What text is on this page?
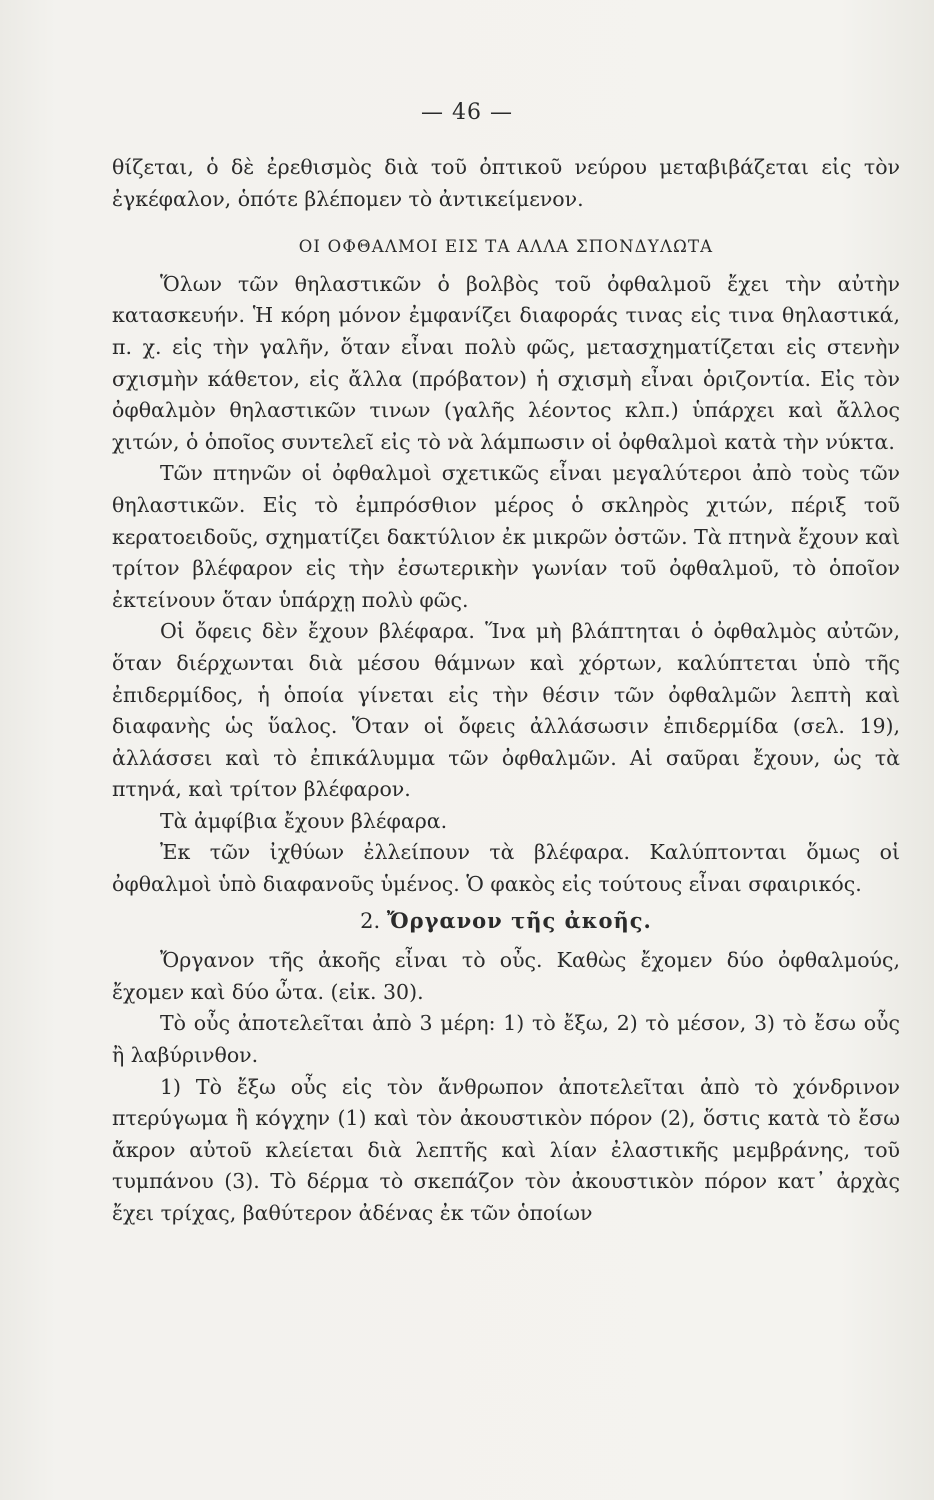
— 46 —

θίζεται, ὁ δὲ ἐρεθισμὸς διὰ τοῦ ὀπτικοῦ νεύρου μεταβιβάζεται εἰς τὸν ἐγκέφαλον, ὁπότε βλέπομεν τὸ ἀντικείμενον.

ΟΙ ΟΦΘΑΛΜΟΙ ΕΙΣ ΤΑ ΑΛΛΑ ΣΠΟΝΔΥΛΩΤΑ

Ὅλων τῶν θηλαστικῶν ὁ βολβὸς τοῦ ὀφθαλμοῦ ἔχει τὴν αὐτὴν κατασκευήν. Ἡ κόρη μόνον ἐμφανίζει διαφοράς τινας εἰς τινα θηλαστικά, π. χ. εἰς τὴν γαλῆν, ὅταν εἶναι πολὺ φῶς, μετασχηματίζεται εἰς στενὴν σχισμὴν κάθετον, εἰς ἄλλα (πρόβατον) ἡ σχισμὴ εἶναι ὁριζοντία. Εἰς τὸν ὀφθαλμὸν θηλαστικῶν τινων (γαλῆς λέοντος κλπ.) ὑπάρχει καὶ ἄλλος χιτών, ὁ ὁποῖος συντελεῖ εἰς τὸ νὰ λάμπωσιν οἱ ὀφθαλμοὶ κατὰ τὴν νύκτα.

Τῶν πτηνῶν οἱ ὀφθαλμοὶ σχετικῶς εἶναι μεγαλύτεροι ἀπὸ τοὺς τῶν θηλαστικῶν. Εἰς τὸ ἐμπρόσθιον μέρος ὁ σκληρὸς χιτών, πέριξ τοῦ κερατοειδοῦς, σχηματίζει δακτύλιον ἐκ μικρῶν ὀστῶν. Τὰ πτηνὰ ἔχουν καὶ τρίτον βλέφαρον εἰς τὴν ἐσωτερικὴν γωνίαν τοῦ ὀφθαλμοῦ, τὸ ὁποῖον ἐκτείνουν ὅταν ὑπάρχῃ πολὺ φῶς.

Οἱ ὄφεις δὲν ἔχουν βλέφαρα. Ἵνα μὴ βλάπτηται ὁ ὀφθαλμὸς αὐτῶν, ὅταν διέρχωνται διὰ μέσου θάμνων καὶ χόρτων, καλύπτεται ὑπὸ τῆς ἐπιδερμίδος, ἡ ὁποία γίνεται εἰς τὴν θέσιν τῶν ὀφθαλμῶν λεπτὴ καὶ διαφανὴς ὡς ὕαλος. Ὅταν οἱ ὄφεις ἀλλάσωσιν ἐπιδερμίδα (σελ. 19), ἀλλάσσει καὶ τὸ ἐπικάλυμμα τῶν ὀφθαλμῶν. Αἱ σαῦραι ἔχουν, ὡς τὰ πτηνά, καὶ τρίτον βλέφαρον.

Τὰ ἀμφίβια ἔχουν βλέφαρα.

Ἐκ τῶν ἰχθύων ἐλλείπουν τὰ βλέφαρα. Καλύπτονται ὅμως οἱ ὀφθαλμοὶ ὑπὸ διαφανοῦς ὑμένος. Ὁ φακὸς εἰς τούτους εἶναι σφαιρικός.

2. Ὄργανον τῆς ἀκοῆς.

Ὄργανον τῆς ἀκοῆς εἶναι τὸ οὖς. Καθὼς ἔχομεν δύο ὀφθαλμούς, ἔχομεν καὶ δύο ὦτα. (εἰκ. 30).

Τὸ οὖς ἀποτελεῖται ἀπὸ 3 μέρη: 1) τὸ ἔξω, 2) τὸ μέσον, 3) τὸ ἔσω οὖς ἢ λαβύρινθον.

1) Τὸ ἔξω οὖς εἰς τὸν ἄνθρωπον ἀποτελεῖται ἀπὸ τὸ χόνδρινον πτερύγωμα ἢ κόγχην (1) καὶ τὸν ἀκουστικὸν πόρον (2), ὅστις κατὰ τὸ ἔσω ἄκρον αὐτοῦ κλείεται διὰ λεπτῆς καὶ λίαν ἐλαστικῆς μεμβράνης, τοῦ τυμπάνου (3). Τὸ δέρμα τὸ σκεπάζον τὸν ἀκουστικὸν πόρον κατ᾽ ἀρχὰς ἔχει τρίχας, βαθύτερον ἀδένας ἐκ τῶν ὁποίων
